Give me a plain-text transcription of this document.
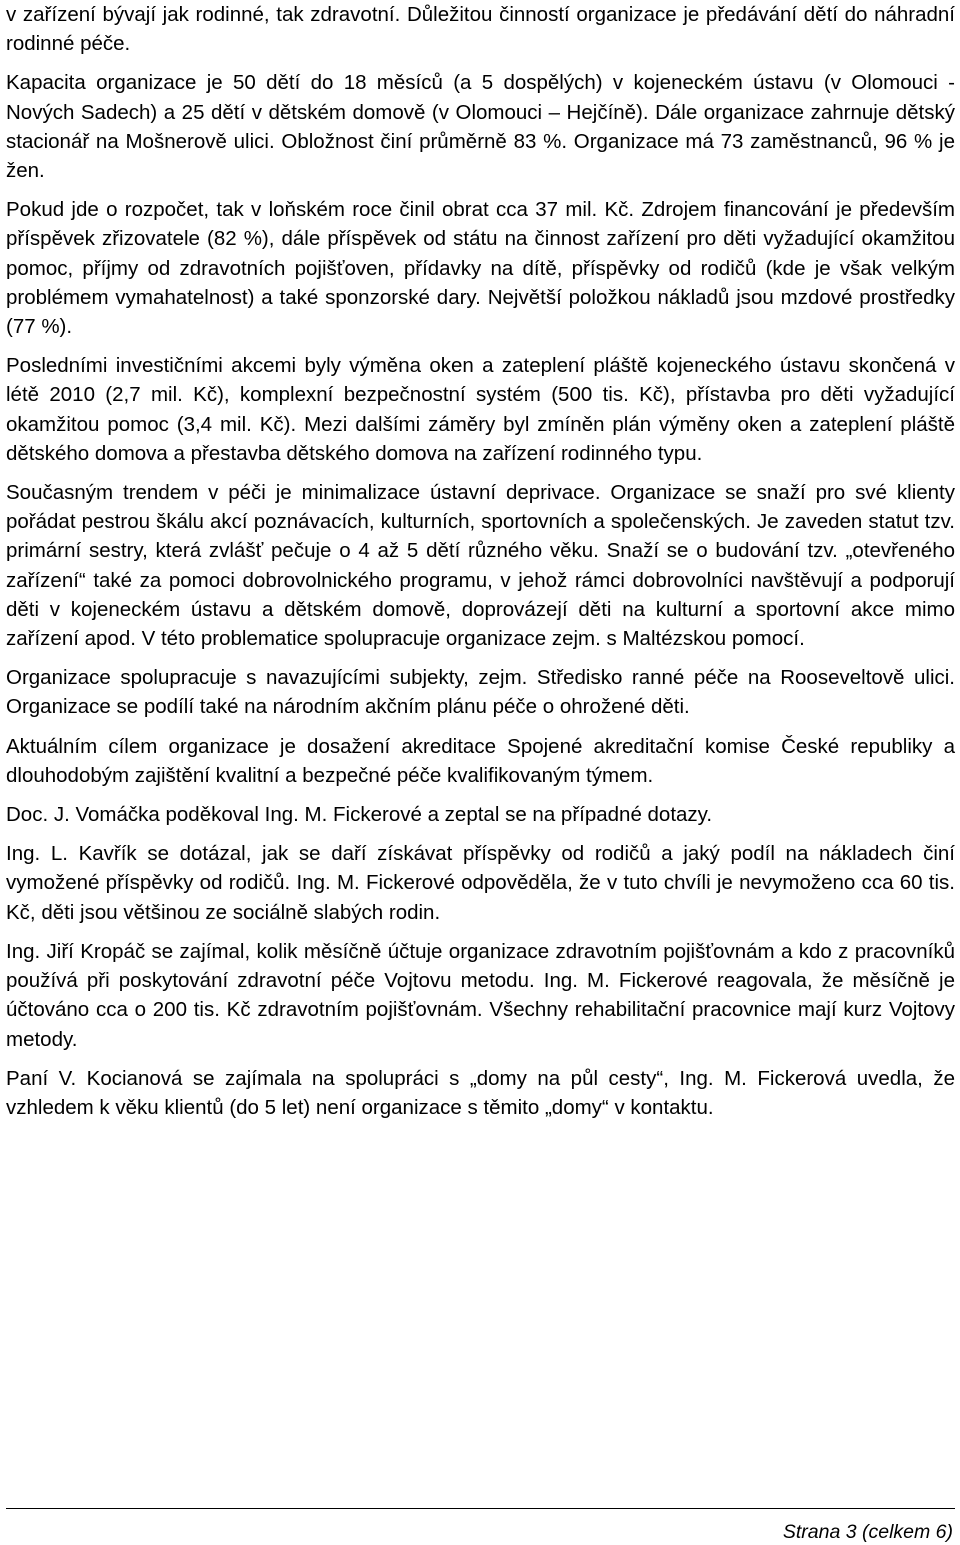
v zařízení bývají jak rodinné, tak zdravotní. Důležitou činností organizace je předávání dětí do náhradní rodinné péče.

Kapacita organizace je 50 dětí do 18 měsíců (a 5 dospělých) v kojeneckém ústavu (v Olomouci - Nových Sadech) a 25 dětí v dětském domově (v Olomouci – Hejčíně). Dále organizace zahrnuje dětský stacionář na Mošnerově ulici. Obložnost činí průměrně 83 %. Organizace má 73 zaměstnanců, 96 % je žen.

Pokud jde o rozpočet, tak v loňském roce činil obrat cca 37 mil. Kč. Zdrojem financování je především příspěvek zřizovatele (82 %), dále příspěvek od státu na činnost zařízení pro děti vyžadující okamžitou pomoc, příjmy od zdravotních pojišťoven, přídavky na dítě, příspěvky od rodičů (kde je však velkým problémem vymahatelnost) a také sponzorské dary. Největší položkou nákladů jsou mzdové prostředky (77 %).

Posledními investičními akcemi byly výměna oken a zateplení pláště kojeneckého ústavu skončená v létě 2010 (2,7 mil. Kč), komplexní bezpečnostní systém (500 tis. Kč), přístavba pro děti vyžadující okamžitou pomoc (3,4 mil. Kč). Mezi dalšími záměry byl zmíněn plán výměny oken a zateplení pláště dětského domova a přestavba dětského domova na zařízení rodinného typu.

Současným trendem v péči je minimalizace ústavní deprivace. Organizace se snaží pro své klienty pořádat pestrou škálu akcí poznávacích, kulturních, sportovních a společenských. Je zaveden statut tzv. primární sestry, která zvlášť pečuje o 4 až 5 dětí různého věku. Snaží se o budování tzv. „otevřeného zařízení“ také za pomoci dobrovolnického programu, v jehož rámci dobrovolníci navštěvují a podporují děti v kojeneckém ústavu a dětském domově, doprovázejí děti na kulturní a sportovní akce mimo zařízení apod. V této problematice spolupracuje organizace zejm. s Maltézskou pomocí.

Organizace spolupracuje s navazujícími subjekty, zejm. Středisko ranné péče na Rooseveltově ulici. Organizace se podílí také na národním akčním plánu péče o ohrožené děti.

Aktuálním cílem organizace je dosažení akreditace Spojené akreditační komise České republiky a dlouhodobým zajištění kvalitní a bezpečné péče kvalifikovaným týmem.

Doc. J. Vomáčka poděkoval Ing. M. Fickerové a zeptal se na případné dotazy.

Ing. L. Kavřík se dotázal, jak se daří získávat příspěvky od rodičů a jaký podíl na nákladech činí vymožené příspěvky od rodičů. Ing. M. Fickerové odpověděla, že v tuto chvíli je nevymoženo cca 60 tis. Kč, děti jsou většinou ze sociálně slabých rodin.

Ing. Jiří Kropáč se zajímal, kolik měsíčně účtuje organizace zdravotním pojišťovnám a kdo z pracovníků používá při poskytování zdravotní péče Vojtovu metodu. Ing. M. Fickerové reagovala, že měsíčně je účtováno cca o 200 tis. Kč zdravotním pojišťovnám. Všechny rehabilitační pracovnice mají kurz Vojtovy metody.

Paní V. Kocianová se zajímala na spolupráci s „domy na půl cesty“, Ing. M. Fickerová uvedla, že vzhledem k věku klientů (do 5 let) není organizace s těmito „domy“ v kontaktu.

Strana 3 (celkem 6)
